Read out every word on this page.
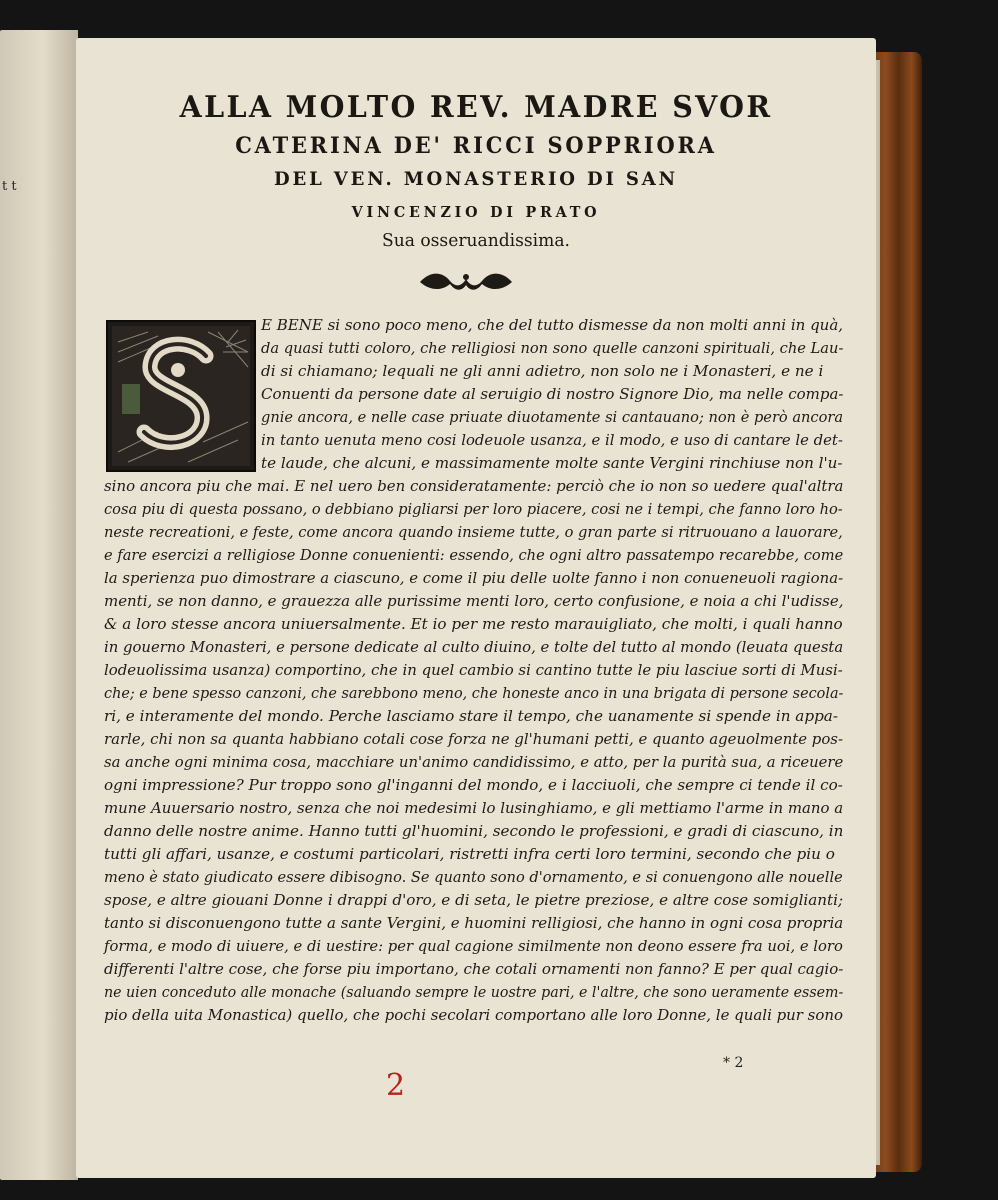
t t
ALLA MOLTO REV. MADRE SVOR
CATERINA DE' RICCI SOPPRIORA
DEL VEN. MONASTERIO DI SAN
VINCENZIO DI PRATO
Sua osseruandissima.
E BENE si sono poco meno, che del tutto dismesse da non molti anni in quà,
da quasi tutti coloro, che relligiosi non sono quelle canzoni spirituali, che Lau-
di si chiamano; lequali ne gli anni adietro, non solo ne i Monasteri, e ne i
Conuenti da persone date al seruigio di nostro Signore Dio, ma nelle compa-
gnie ancora, e nelle case priuate diuotamente si cantauano; non è però ancora
in tanto uenuta meno cosi lodeuole usanza, e il modo, e uso di cantare le det-
te laude, che alcuni, e massimamente molte sante Vergini rinchiuse non l'u-
sino ancora piu che mai. E nel uero ben consideratamente: perciò che io non so uedere qual'altra
cosa piu di questa possano, o debbiano pigliarsi per loro piacere, cosi ne i tempi, che fanno loro ho-
neste recreationi, e feste, come ancora quando insieme tutte, o gran parte si ritruouano a lauorare,
e fare esercizi a relligiose Donne conuenienti: essendo, che ogni altro passatempo recarebbe, come
la sperienza puo dimostrare a ciascuno, e come il piu delle uolte fanno i non conueneuoli ragiona-
menti, se non danno, e grauezza alle purissime menti loro, certo confusione, e noia a chi l'udisse,
& a loro stesse ancora uniuersalmente. Et io per me resto marauigliato, che molti, i quali hanno
in gouerno Monasteri, e persone dedicate al culto diuino, e tolte del tutto al mondo (leuata questa
lodeuolissima usanza) comportino, che in quel cambio si cantino tutte le piu lasciue sorti di Musi-
che; e bene spesso canzoni, che sarebbono meno, che honeste anco in una brigata di persone secola-
ri, e interamente del mondo. Perche lasciamo stare il tempo, che uanamente si spende in appa-
rarle, chi non sa quanta habbiano cotali cose forza ne gl'humani petti, e quanto ageuolmente pos-
sa anche ogni minima cosa, macchiare un'animo candidissimo, e atto, per la purità sua, a riceuere
ogni impressione? Pur troppo sono gl'inganni del mondo, e i lacciuoli, che sempre ci tende il co-
mune Auuersario nostro, senza che noi medesimi lo lusinghiamo, e gli mettiamo l'arme in mano a
danno delle nostre anime. Hanno tutti gl'huomini, secondo le professioni, e gradi di ciascuno, in
tutti gli affari, usanze, e costumi particolari, ristretti infra certi loro termini, secondo che piu o
meno è stato giudicato essere dibisogno. Se quanto sono d'ornamento, e si conuengono alle nouelle
spose, e altre giouani Donne i drappi d'oro, e di seta, le pietre preziose, e altre cose somiglianti;
tanto si disconuengono tutte a sante Vergini, e huomini relligiosi, che hanno in ogni cosa propria
forma, e modo di uiuere, e di uestire: per qual cagione similmente non deono essere fra uoi, e loro
differenti l'altre cose, che forse piu importano, che cotali ornamenti non fanno? E per qual cagio-
ne uien conceduto alle monache (saluando sempre le uostre pari, e l'altre, che sono ueramente essem-
pio della uita Monastica) quello, che pochi secolari comportano alle loro Donne, le quali pur sono
* 2
2
